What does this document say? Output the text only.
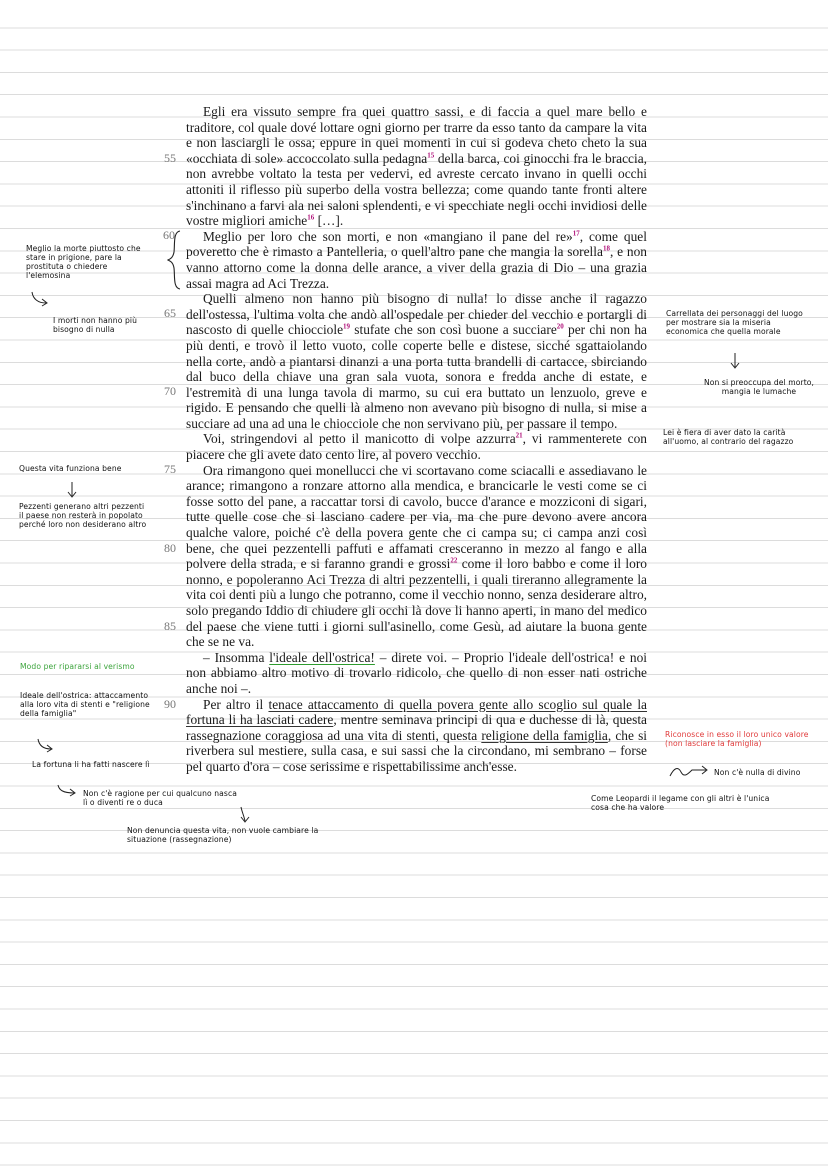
Egli era vissuto sempre fra quei quattro sassi, e di faccia a quel mare bello e traditore, col quale dové lottare ogni giorno per trarre da esso tanto da campare la vita e non lasciargli le ossa; eppure in quei momenti in cui si godeva cheto cheto la sua «occhiata di sole» accoccolato sulla pedagna$^{15}$ della barca, coi ginocchi fra le braccia, non avrebbe voltato la testa per vedervi, ed avreste cercato invano in quelli occhi attoniti il riflesso più superbo della vostra bellezza; come quando tante fronti altere s'inchinano a farvi ala nei saloni splendenti, e vi specchiate negli occhi invidiosi delle vostre migliori amiche$^{16}$ […].

Meglio per loro che son morti, e non «mangiano il pane del re»$^{17}$, come quel poveretto che è rimasto a Pantelleria, o quell'altro pane che mangia la sorella$^{18}$, e non vanno attorno come la donna delle arance, a viver della grazia di Dio – una grazia assai magra ad Aci Trezza.

Quelli almeno non hanno più bisogno di nulla! lo disse anche il ragazzo dell'ostessa, l'ultima volta che andò all'ospedale per chieder del vecchio e portargli di nascosto di quelle chiocciole$^{19}$ stufate che son così buone a succiare$^{20}$ per chi non ha più denti, e trovò il letto vuoto, colle coperte belle e distese, sicché sgattaiolando nella corte, andò a piantarsi dinanzi a una porta tutta brandelli di cartacce, sbirciando dal buco della chiave una gran sala vuota, sonora e fredda anche di estate, e l'estremità di una lunga tavola di marmo, su cui era buttato un lenzuolo, greve e rigido. E pensando che quelli là almeno non avevano più bisogno di nulla, si mise a succiare ad una ad una le chiocciole che non servivano più, per passare il tempo.

Voi, stringendovi al petto il manicotto di volpe azzurra$^{21}$, vi rammenterete con piacere che gli avete dato cento lire, al povero vecchio.

Ora rimangono quei monellucci che vi scortavano come sciacalli e assediavano le arance; rimangono a ronzare attorno alla mendica, e brancicarle le vesti come se ci fosse sotto del pane, a raccattar torsi di cavolo, bucce d'arance e mozziconi di sigari, tutte quelle cose che si lasciano cadere per via, ma che pure devono avere ancora qualche valore, poiché c'è della povera gente che ci campa su; ci campa anzi così bene, che quei pezzentelli paffuti e affamati cresceranno in mezzo al fango e alla polvere della strada, e si faranno grandi e grossi$^{22}$ come il loro babbo e come il loro nonno, e popoleranno Aci Trezza di altri pezzentelli, i quali tireranno allegramente la vita coi denti più a lungo che potranno, come il vecchio nonno, senza desiderare altro, solo pregando Iddio di chiudere gli occhi là dove li hanno aperti, in mano del medico del paese che viene tutti i giorni sull'asinello, come Gesù, ad aiutare la buona gente che se ne va.

– Insomma l'ideale dell'ostrica! – direte voi. – Proprio l'ideale dell'ostrica! e noi non abbiamo altro motivo di trovarlo ridicolo, che quello di non esser nati ostriche anche noi –.

Per altro il tenace attaccamento di quella povera gente allo scoglio sul quale la fortuna li ha lasciati cadere, mentre seminava principi di qua e duchesse di là, questa rassegnazione coraggiosa ad una vita di stenti, questa religione della famiglia, che si riverbera sul mestiere, sulla casa, e sui sassi che la circondano, mi sembrano – forse pel quarto d'ora – cose serissime e rispettabilissime anch'esse.

55
60
65
70
75
80
85
90
Meglio la morte piuttosto che stare in prigione, pare la prostituta o chiedere l'elemosina
I morti non hanno più bisogno di nulla
Questa vita funziona bene
Pezzenti generano altri pezzenti il paese non resterà in popolato perché loro non desiderano altro
Modo per ripararsi al verismo
Ideale dell'ostrica: attaccamento alla loro vita di stenti e "religione della famiglia"
La fortuna li ha fatti nascere lì
Non c'è ragione per cui qualcuno nasca lì o diventi re o duca
Non denuncia questa vita, non vuole cambiare la situazione (rassegnazione)
Carrellata dei personaggi del luogo per mostrare sia la miseria economica che quella morale
Non si preoccupa del morto, mangia le lumache
Lei è fiera di aver dato la carità all'uomo, al contrario del ragazzo
Riconosce in esso il loro unico valore (non lasciare la famiglia)
Non c'è nulla di divino
Come Leopardi il legame con gli altri è l'unica cosa che ha valore
